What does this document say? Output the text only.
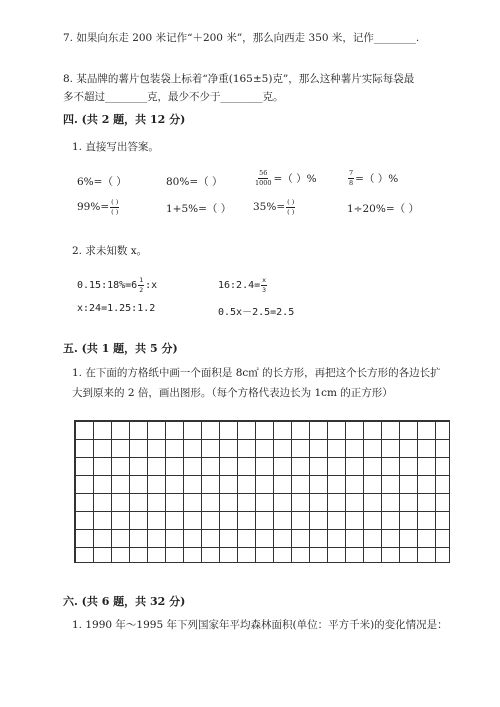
7. 如果向东走 200 米记作“＋200 米”，那么向西走 350 米，记作________.
8. 某品牌的薯片包装袋上标着“净重(165±5)克”，那么这种薯片实际每袋最
多不超过________克，最少不少于________克。
四. (共 2 题，共 12 分)
1. 直接写出答案。
6%=（ ）	80%=（ ）	$\frac{56}{1000}$ =（ ）%	$\frac{7}{8}$ =（ ）%
$99\%= \frac{( )}{( )}$	1+5%=（ ） $35\%= \frac{( )}{( )}$	1÷20%=（ ）
2. 求未知数 x。
0.15:18%=6 $\frac{1}{2}$ :x	16:2.4= $\frac{x}{3}$
x:24=1.25:1.2	0.5x－2.5=2.5
五. (共 1 题，共 5 分)
1. 在下面的方格纸中画一个面积是 8c㎡ 的长方形，再把这个长方形的各边长扩
大到原来的 2 倍，画出图形。（每个方格代表边长为 1cm 的正方形）
六. (共 6 题，共 32 分)
1. 1990 年～1995 年下列国家年平均森林面积(单位：平方千米)的变化情况是：
